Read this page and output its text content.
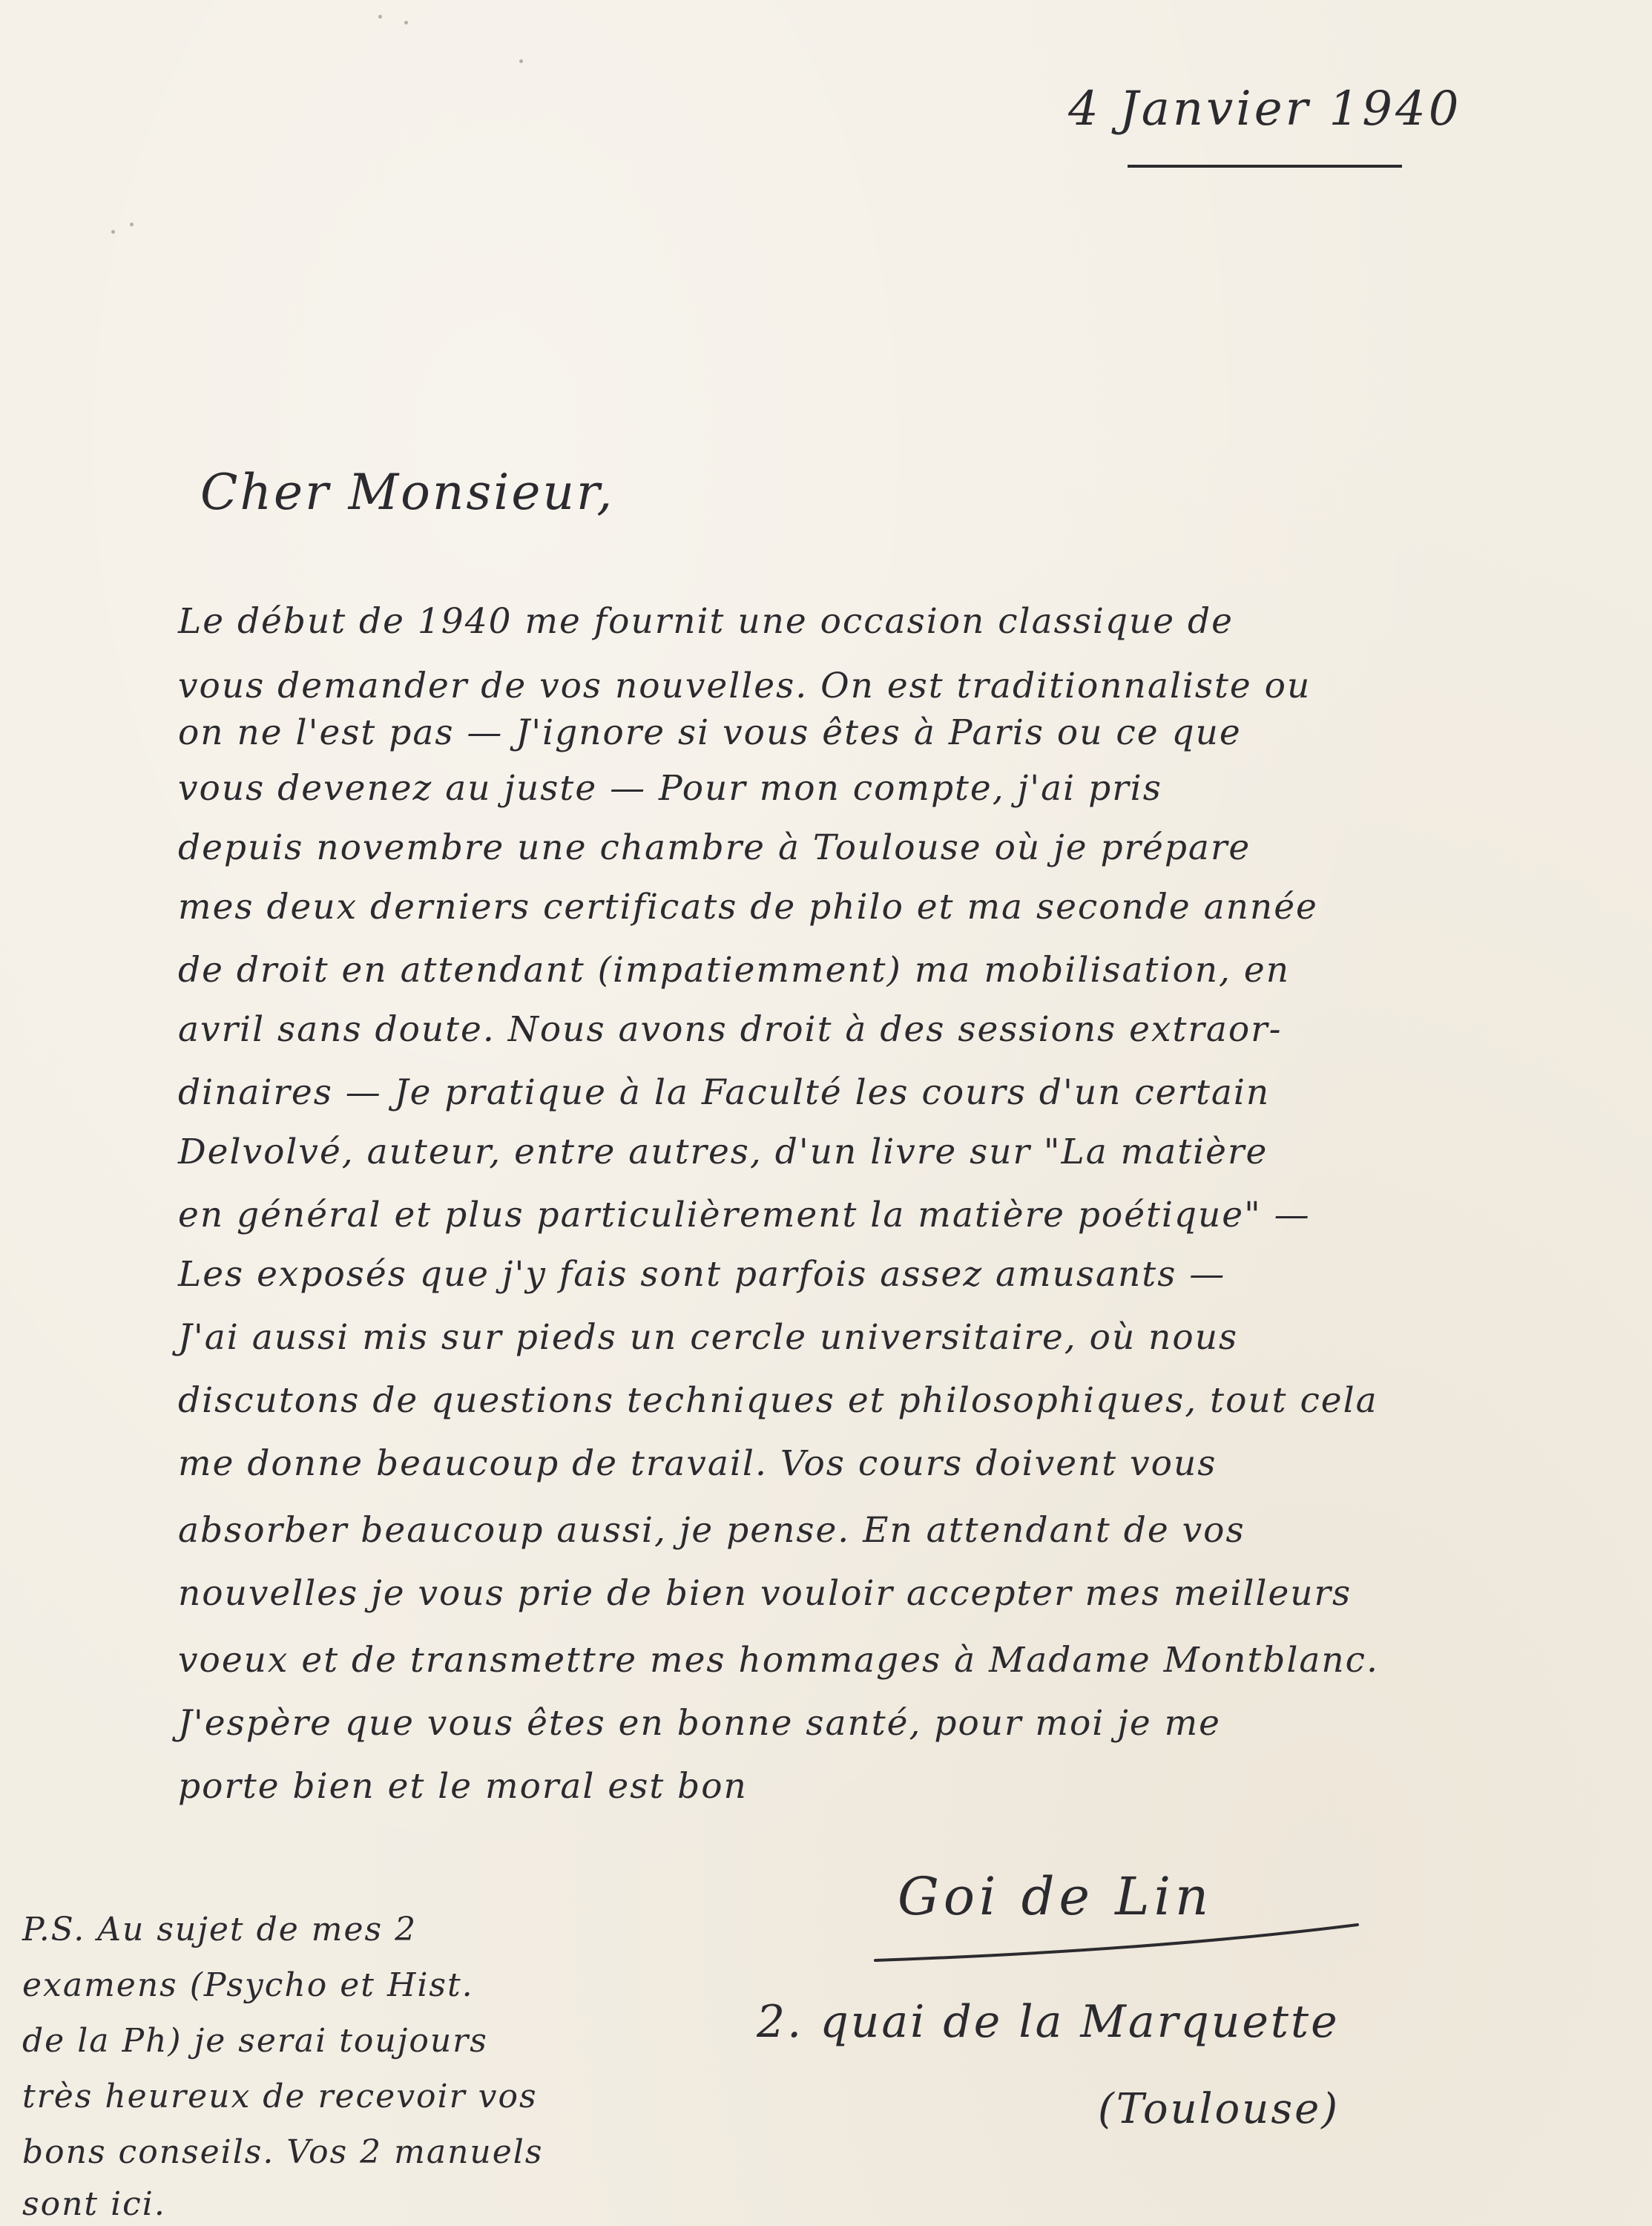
4 Janvier 1940
Cher Monsieur,
Le début de 1940 me fournit une occasion classique de
vous demander de vos nouvelles. On est traditionnaliste ou
on ne l'est pas — J'ignore si vous êtes à Paris ou ce que
vous devenez au juste — Pour mon compte, j'ai pris
depuis novembre une chambre à Toulouse où je prépare
mes deux derniers certificats de philo et ma seconde année
de droit en attendant (impatiemment) ma mobilisation, en
avril sans doute. Nous avons droit à des sessions extraor-
dinaires — Je pratique à la Faculté les cours d'un certain
Delvolvé, auteur, entre autres, d'un livre sur "La matière
en général et plus particulièrement la matière poétique" —
Les exposés que j'y fais sont parfois assez amusants —
J'ai aussi mis sur pieds un cercle universitaire, où nous
discutons de questions techniques et philosophiques, tout cela
me donne beaucoup de travail. Vos cours doivent vous
absorber beaucoup aussi, je pense. En attendant de vos
nouvelles je vous prie de bien vouloir accepter mes meilleurs
voeux et de transmettre mes hommages à Madame Montblanc.
J'espère que vous êtes en bonne santé, pour moi je me
porte bien et le moral est bon
Goi de Lin
2. quai de la Marquette
(Toulouse)
P.S. Au sujet de mes 2
examens (Psycho et Hist.
de la Ph) je serai toujours
très heureux de recevoir vos
bons conseils. Vos 2 manuels
sont ici.
